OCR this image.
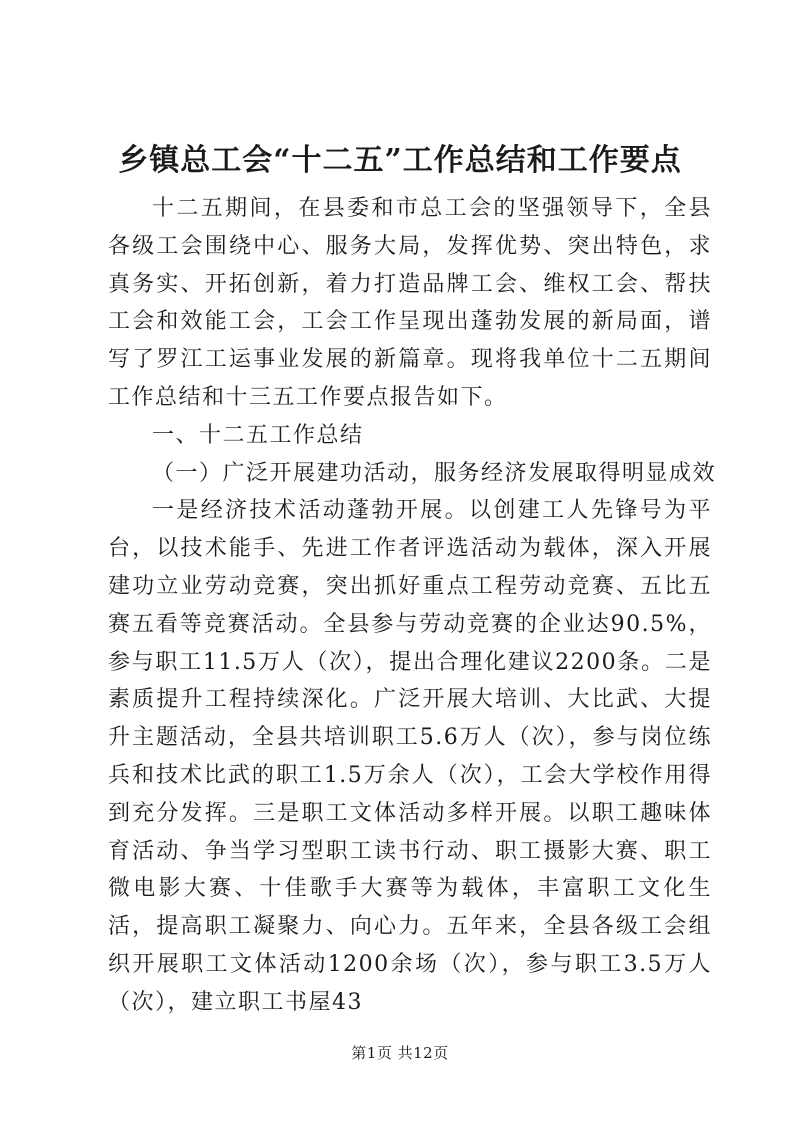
乡镇总工会“十二五”工作总结和工作要点

十二五期间，在县委和市总工会的坚强领导下，全县各级工会围绕中心、服务大局，发挥优势、突出特色，求真务实、开拓创新，着力打造品牌工会、维权工会、帮扶工会和效能工会，工会工作呈现出蓬勃发展的新局面，谱写了罗江工运事业发展的新篇章。现将我单位十二五期间工作总结和十三五工作要点报告如下。

一、十二五工作总结

（一）广泛开展建功活动，服务经济发展取得明显成效

一是经济技术活动蓬勃开展。以创建工人先锋号为平台，以技术能手、先进工作者评选活动为载体，深入开展建功立业劳动竞赛，突出抓好重点工程劳动竞赛、五比五赛五看等竞赛活动。全县参与劳动竞赛的企业达90.5%，参与职工11.5万人（次），提出合理化建议2200条。二是素质提升工程持续深化。广泛开展大培训、大比武、大提升主题活动，全县共培训职工5.6万人（次），参与岗位练兵和技术比武的职工1.5万余人（次），工会大学校作用得到充分发挥。三是职工文体活动多样开展。以职工趣味体育活动、争当学习型职工读书行动、职工摄影大赛、职工微电影大赛、十佳歌手大赛等为载体，丰富职工文化生活，提高职工凝聚力、向心力。五年来，全县各级工会组织开展职工文体活动1200余场（次），参与职工3.5万人（次），建立职工书屋43

第1页 共12页
